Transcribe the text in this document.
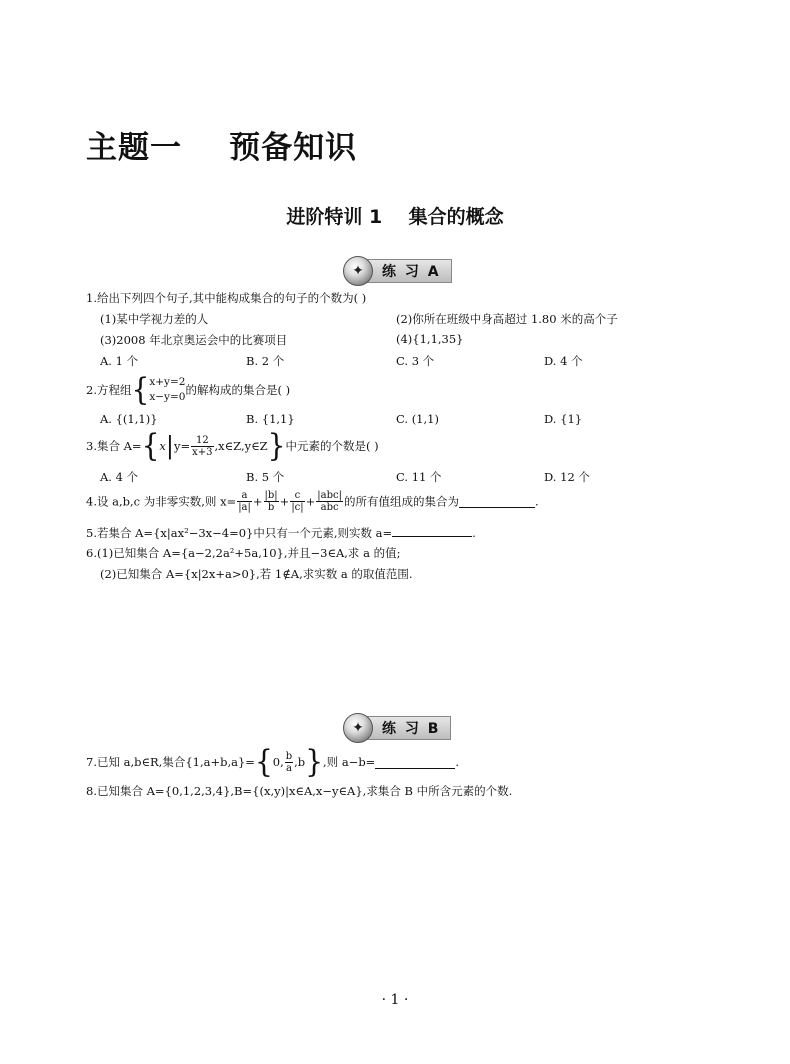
主题一    预备知识
进阶特训 1    集合的概念
✦	练 习 A
1.给出下列四个句子,其中能构成集合的句子的个数为( )
(1)某中学视力差的人	(2)你所在班级中身高超过 1.80 米的高个子
(3)2008 年北京奥运会中的比赛项目	(4){1,1,35}
A. 1 个	B. 2 个	C. 3 个	D. 4 个
2.方程组{ x+y=2
x−y=0 的解构成的集合是( )
A. {(1,1)}	B. {1,1}	C. (1,1)	D. {1}
3.集合 $A=\{x|y= \frac{12}{x+3}$ ,x∈Z,y∈Z}中元素的个数是( )
A. 4 个	B. 5 个	C. 11 个	D. 12 个
4.设 a,b,c 为非零实数,则 $x= \frac{a}{|a|} + \frac{|b|}{b} + \frac{c}{|c|} + \frac{\text{|abc|}}{\text{abc}}$ 的所有值组成的集合为	.
5.若集合 A={x|ax²−3x−4=0}中只有一个元素,则实数 a=	.
6.(1)已知集合 A={a−2,2a²+5a,10},并且−3∈A,求 a 的值;
(2)已知集合 A={x|2x+a>0},若 1∉A,求实数 a 的取值范围.
✦	练 习 B
7.已知 a,b∈R,集合{1,a+b,a}={0, $\frac{b}{a} ,b$},则 a−b=	.
8.已知集合 A={0,1,2,3,4},B={(x,y)|x∈A,x−y∈A},求集合 B 中所含元素的个数.
· 1 ·
